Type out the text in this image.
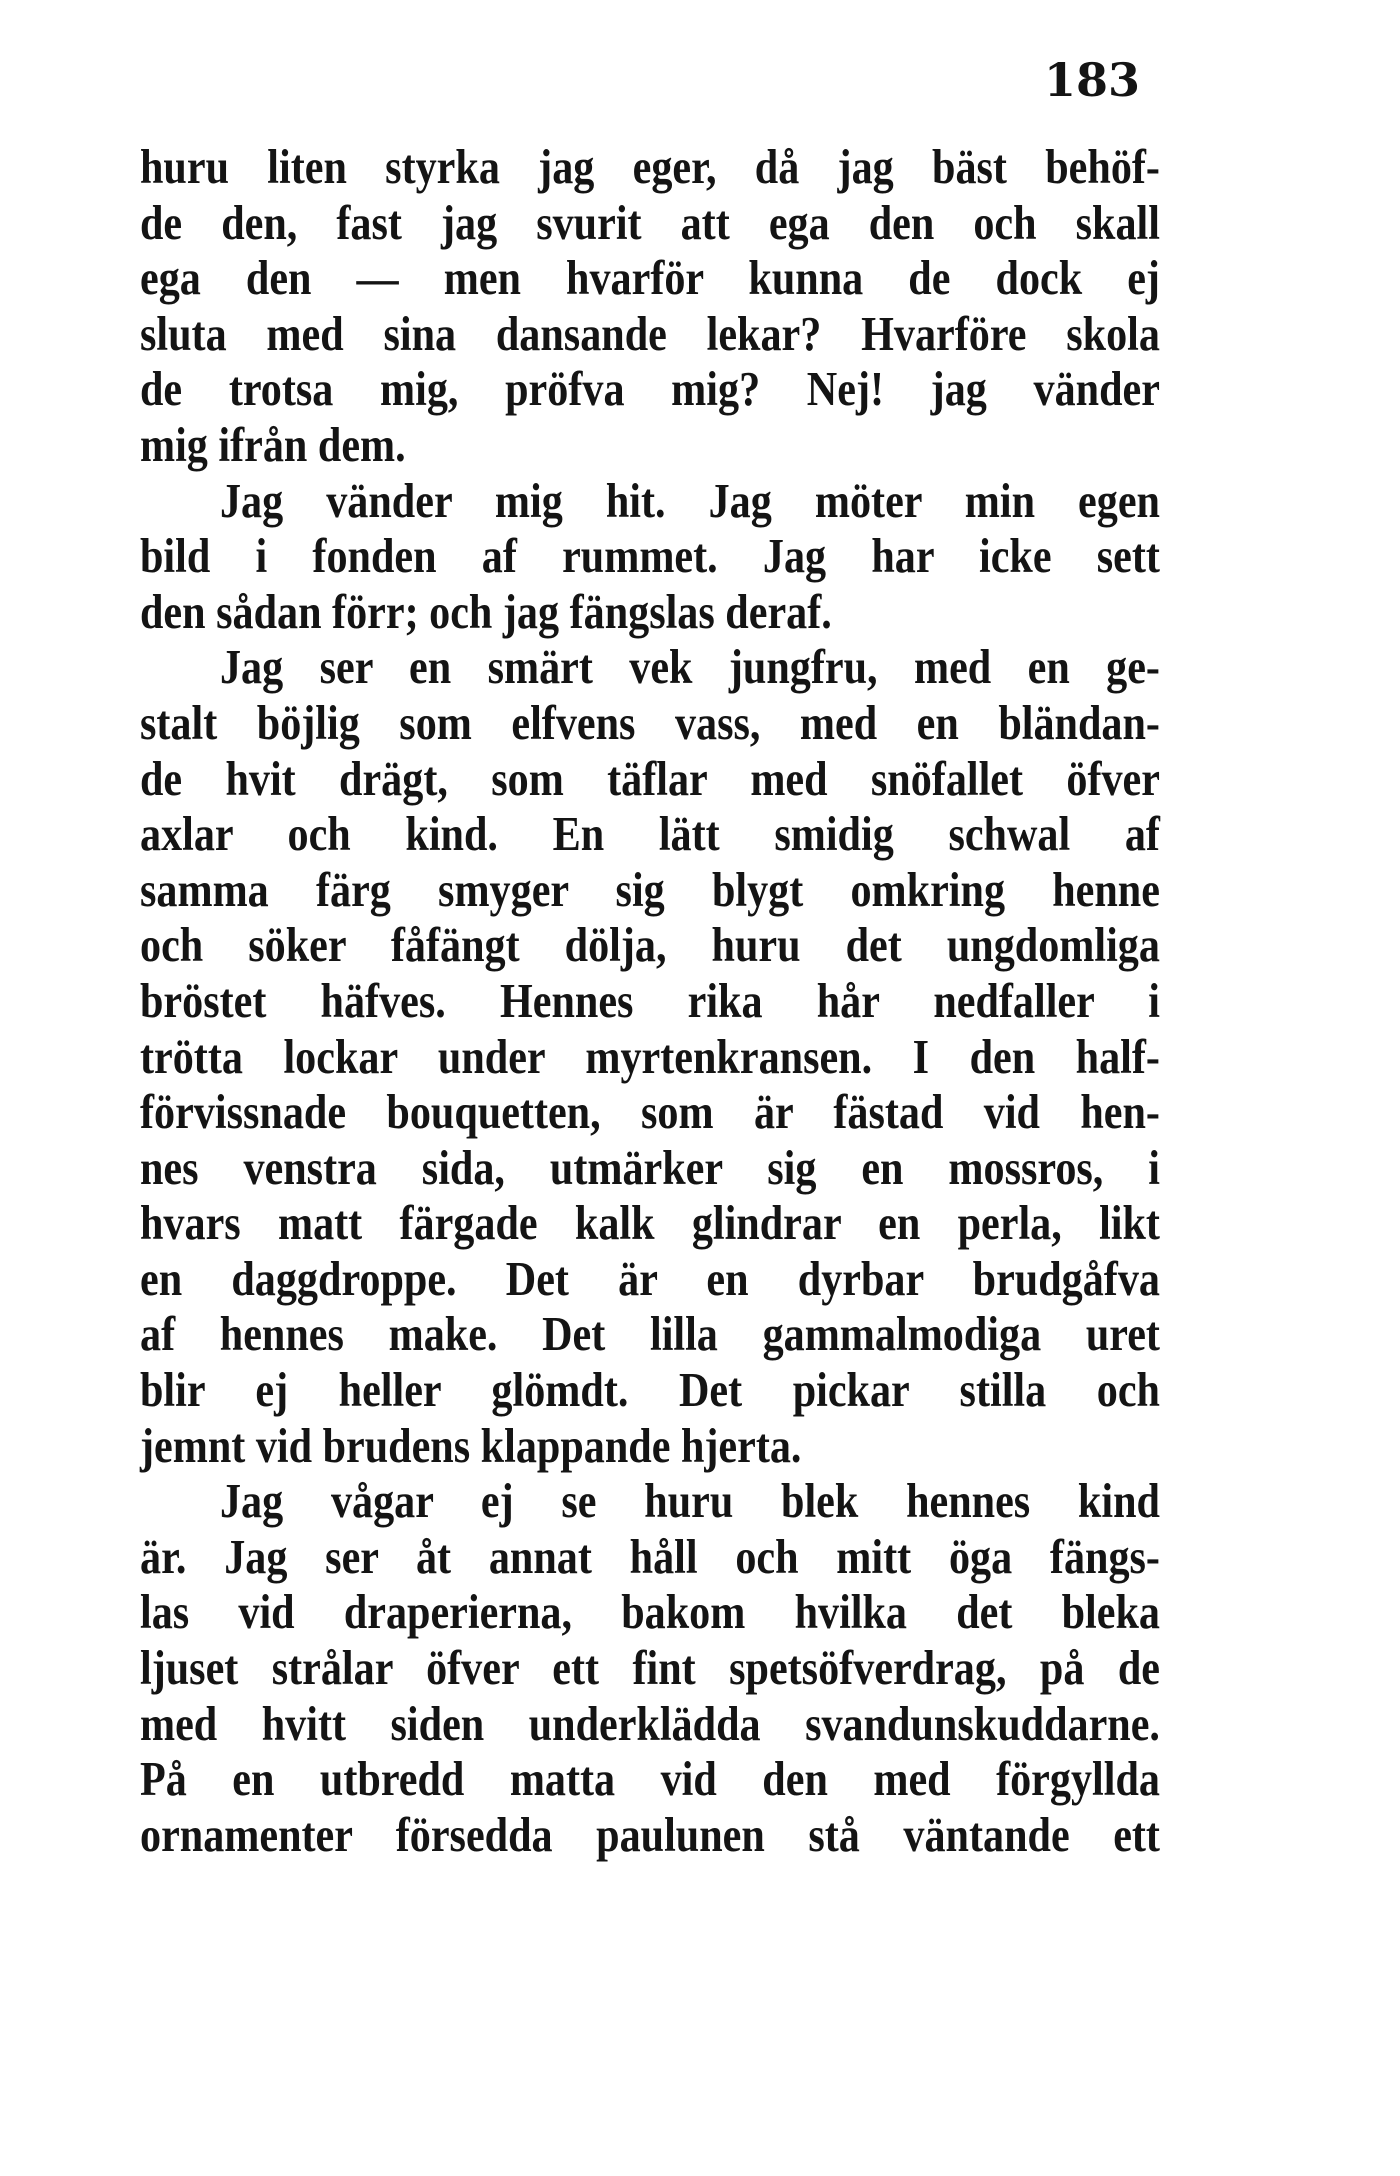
183
huru liten styrka jag eger, då jag bäst behöf-
de den, fast jag svurit att ega den och skall
ega den — men hvarför kunna de dock ej
sluta med sina dansande lekar? Hvarföre skola
de trotsa mig, pröfva mig? Nej! jag vänder
mig ifrån dem.
Jag vänder mig hit. Jag möter min egen
bild i fonden af rummet. Jag har icke sett
den sådan förr; och jag fängslas deraf.
Jag ser en smärt vek jungfru, med en ge-
stalt böjlig som elfvens vass, med en bländan-
de hvit drägt, som täflar med snöfallet öfver
axlar och kind. En lätt smidig schwal af
samma färg smyger sig blygt omkring henne
och söker fåfängt dölja, huru det ungdomliga
bröstet häfves. Hennes rika hår nedfaller i
trötta lockar under myrtenkransen. I den half-
förvissnade bouquetten, som är fästad vid hen-
nes venstra sida, utmärker sig en mossros, i
hvars matt färgade kalk glindrar en perla, likt
en daggdroppe. Det är en dyrbar brudgåfva
af hennes make. Det lilla gammalmodiga uret
blir ej heller glömdt. Det pickar stilla och
jemnt vid brudens klappande hjerta.
Jag vågar ej se huru blek hennes kind
är. Jag ser åt annat håll och mitt öga fängs-
las vid draperierna, bakom hvilka det bleka
ljuset strålar öfver ett fint spetsöfverdrag, på de
med hvitt siden underklädda svandunskuddarne.
På en utbredd matta vid den med förgyllda
ornamenter försedda paulunen stå väntande ett
